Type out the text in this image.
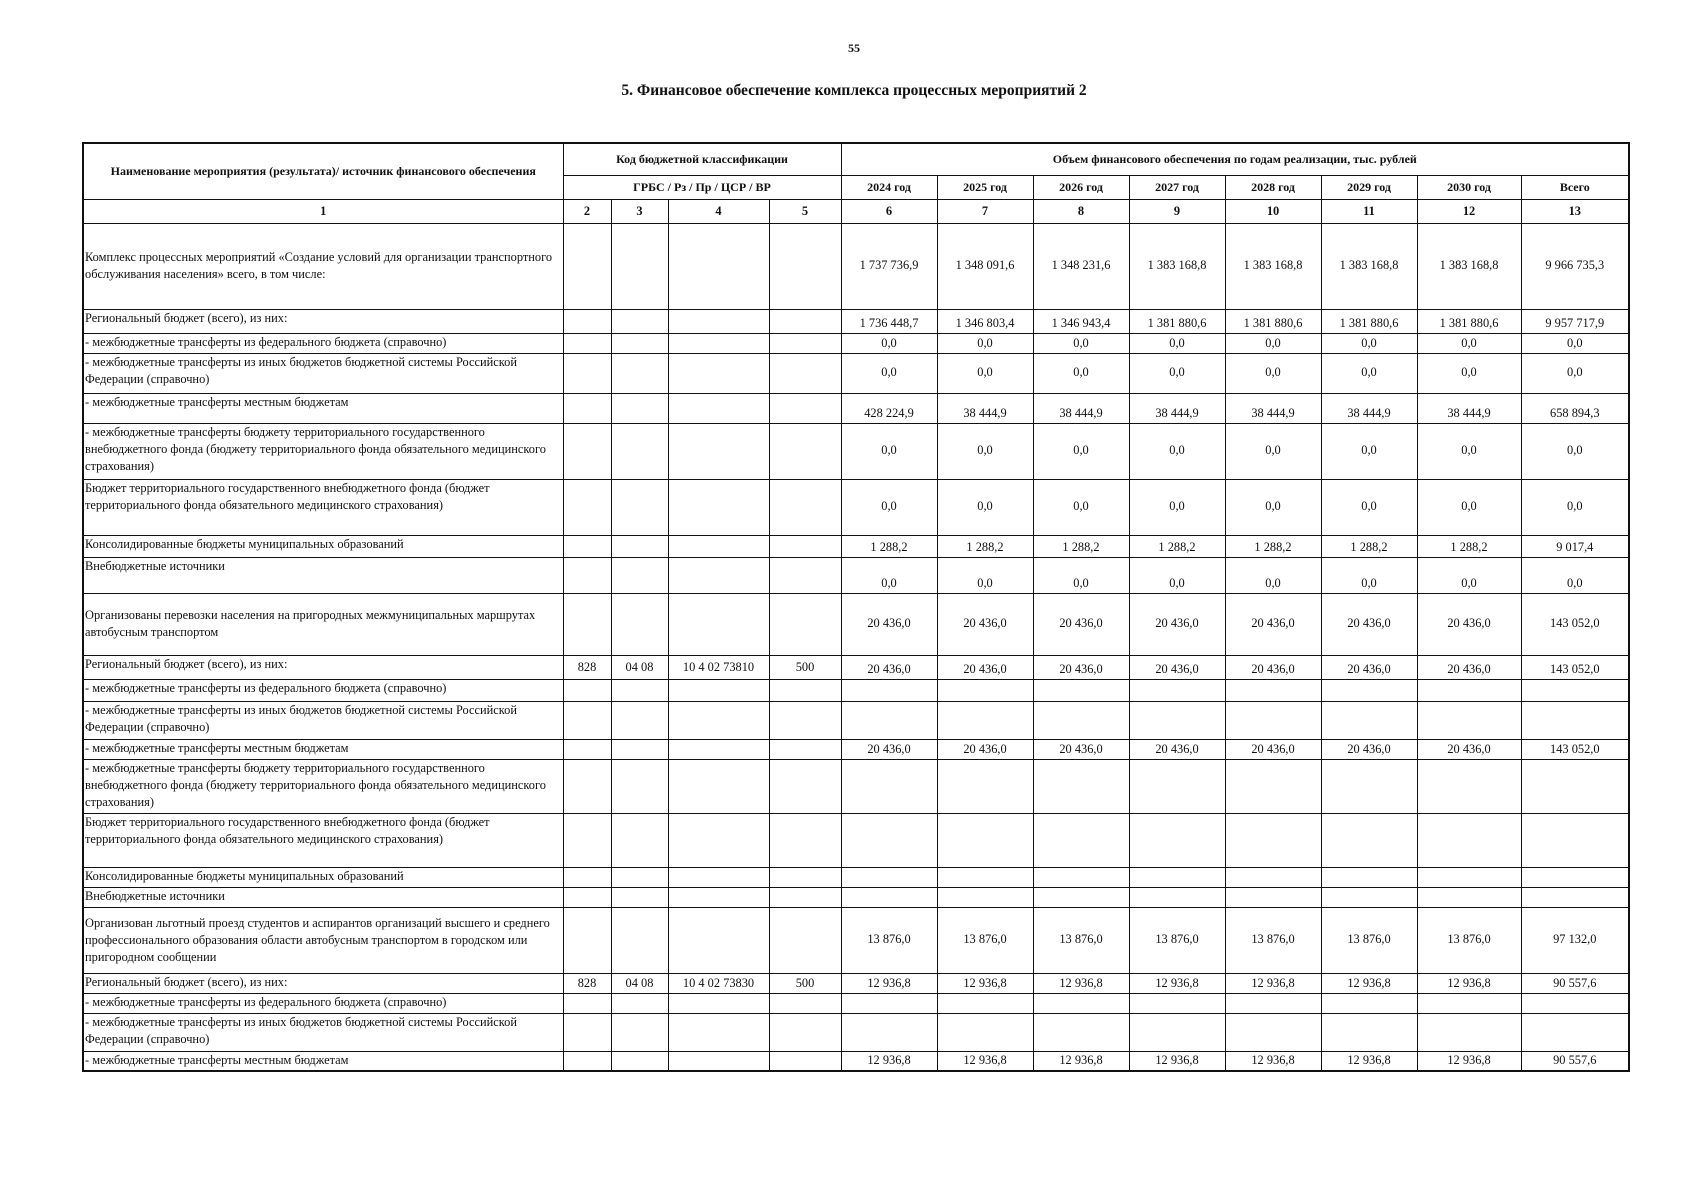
55
5. Финансовое обеспечение комплекса процессных мероприятий 2
Наименование мероприятия (результата)/ источник финансового обеспечения	Код бюджетной классификации				Объем финансового обеспечения по годам реализации, тыс. рублей							
	ГРБС / Рз / Пр / ЦСР / ВР				2024 год	2025 год	2026 год	2027 год	2028 год	2029 год	2030 год	Всего
1	2	3	4	5	6	7	8	9	10	11	12	13
Комплекс процессных мероприятий «Создание условий для организации транспортного обслуживания населения» всего, в том числе:					1 737 736,9	1 348 091,6	1 348 231,6	1 383 168,8	1 383 168,8	1 383 168,8	1 383 168,8	9 966 735,3
Региональный бюджет (всего), из них:					1 736 448,7	1 346 803,4	1 346 943,4	1 381 880,6	1 381 880,6	1 381 880,6	1 381 880,6	9 957 717,9
- межбюджетные трансферты из федерального бюджета (справочно)					0,0	0,0	0,0	0,0	0,0	0,0	0,0	0,0
- межбюджетные трансферты из иных бюджетов бюджетной системы Российской Федерации (справочно)					0,0	0,0	0,0	0,0	0,0	0,0	0,0	0,0
- межбюджетные трансферты местным бюджетам					428 224,9	38 444,9	38 444,9	38 444,9	38 444,9	38 444,9	38 444,9	658 894,3
- межбюджетные трансферты бюджету территориального государственного внебюджетного фонда (бюджету территориального фонда обязательного медицинского страхования)					0,0	0,0	0,0	0,0	0,0	0,0	0,0	0,0
Бюджет территориального государственного внебюджетного фонда (бюджет территориального фонда обязательного медицинского страхования)					0,0	0,0	0,0	0,0	0,0	0,0	0,0	0,0
Консолидированные бюджеты муниципальных образований					1 288,2	1 288,2	1 288,2	1 288,2	1 288,2	1 288,2	1 288,2	9 017,4
Внебюджетные источники					0,0	0,0	0,0	0,0	0,0	0,0	0,0	0,0
Организованы перевозки населения на пригородных межмуниципальных маршрутах автобусным транспортом					20 436,0	20 436,0	20 436,0	20 436,0	20 436,0	20 436,0	20 436,0	143 052,0
Региональный бюджет (всего), из них:	828	04 08	10 4 02 73810	500	20 436,0	20 436,0	20 436,0	20 436,0	20 436,0	20 436,0	20 436,0	143 052,0
- межбюджетные трансферты из федерального бюджета (справочно)												
- межбюджетные трансферты из иных бюджетов бюджетной системы Российской Федерации (справочно)												
- межбюджетные трансферты местным бюджетам					20 436,0	20 436,0	20 436,0	20 436,0	20 436,0	20 436,0	20 436,0	143 052,0
- межбюджетные трансферты бюджету территориального государственного внебюджетного фонда (бюджету территориального фонда обязательного медицинского страхования)												
Бюджет территориального государственного внебюджетного фонда (бюджет территориального фонда обязательного медицинского страхования)												
Консолидированные бюджеты муниципальных образований												
Внебюджетные источники												
Организован льготный проезд студентов и аспирантов организаций высшего и среднего профессионального образования области автобусным транспортом в городском или пригородном сообщении					13 876,0	13 876,0	13 876,0	13 876,0	13 876,0	13 876,0	13 876,0	97 132,0
Региональный бюджет (всего), из них:	828	04 08	10 4 02 73830	500	12 936,8	12 936,8	12 936,8	12 936,8	12 936,8	12 936,8	12 936,8	90 557,6
- межбюджетные трансферты из федерального бюджета (справочно)												
- межбюджетные трансферты из иных бюджетов бюджетной системы Российской Федерации (справочно)												
- межбюджетные трансферты местным бюджетам					12 936,8	12 936,8	12 936,8	12 936,8	12 936,8	12 936,8	12 936,8	90 557,6
